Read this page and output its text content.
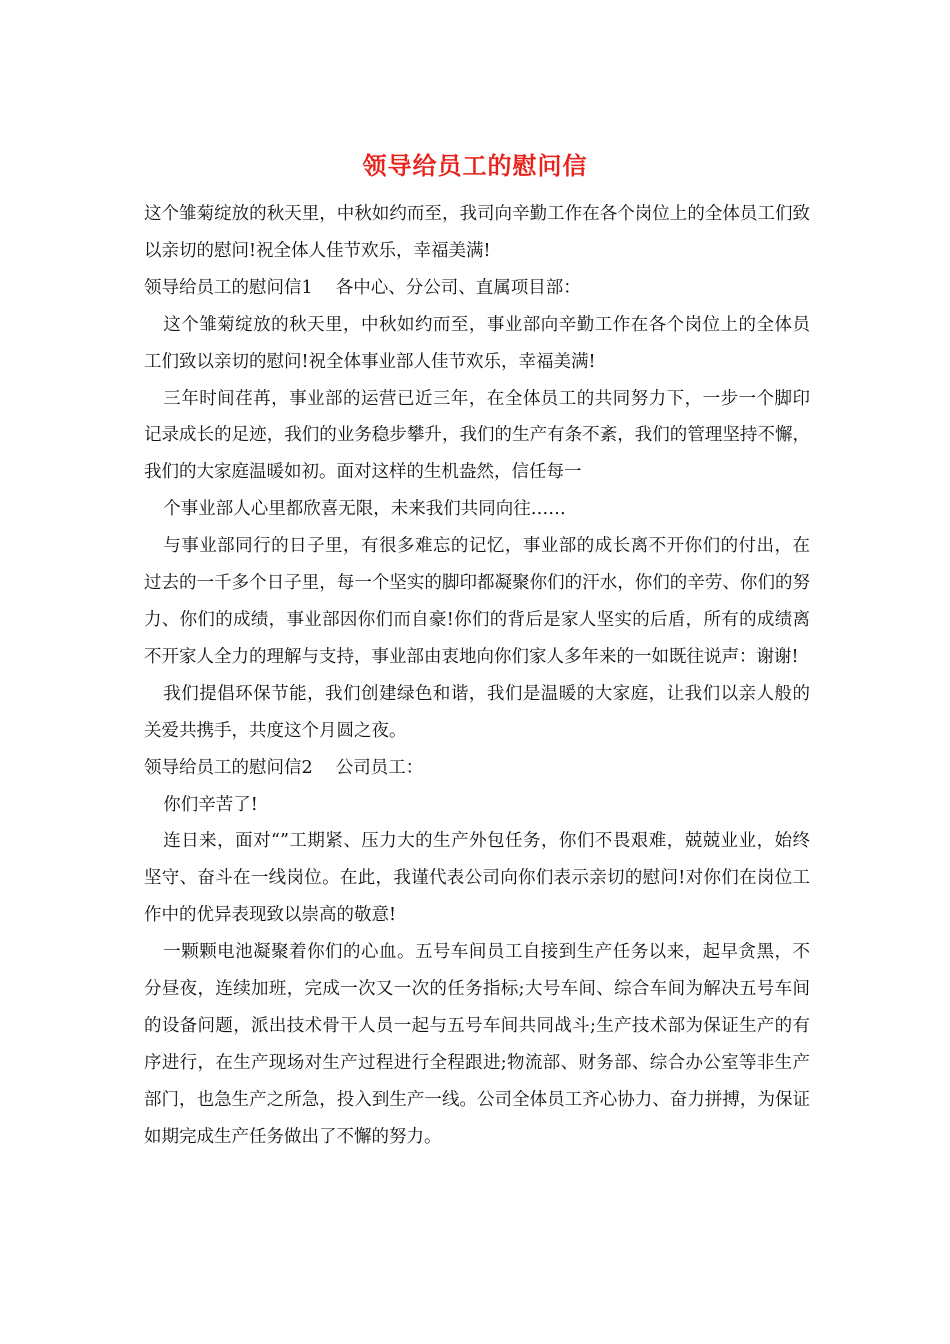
领导给员工的慰问信

这个雏菊绽放的秋天里，中秋如约而至，我司向辛勤工作在各个岗位上的全体员工们致以亲切的慰问!祝全体人佳节欢乐，幸福美满!

领导给员工的慰问信1　 各中心、分公司、直属项目部：

这个雏菊绽放的秋天里，中秋如约而至，事业部向辛勤工作在各个岗位上的全体员工们致以亲切的慰问!祝全体事业部人佳节欢乐，幸福美满!

三年时间荏苒，事业部的运营已近三年，在全体员工的共同努力下，一步一个脚印记录成长的足迹，我们的业务稳步攀升，我们的生产有条不紊，我们的管理坚持不懈，我们的大家庭温暖如初。面对这样的生机盎然，信任每一

个事业部人心里都欣喜无限，未来我们共同向往……

与事业部同行的日子里，有很多难忘的记忆，事业部的成长离不开你们的付出，在过去的一千多个日子里，每一个坚实的脚印都凝聚你们的汗水，你们的辛劳、你们的努力、你们的成绩，事业部因你们而自豪!你们的背后是家人坚实的后盾，所有的成绩离不开家人全力的理解与支持，事业部由衷地向你们家人多年来的一如既往说声：谢谢!

我们提倡环保节能，我们创建绿色和谐，我们是温暖的大家庭，让我们以亲人般的关爱共携手，共度这个月圆之夜。

领导给员工的慰问信2　 公司员工：

你们辛苦了!

连日来，面对“”工期紧、压力大的生产外包任务，你们不畏艰难，兢兢业业，始终坚守、奋斗在一线岗位。在此，我谨代表公司向你们表示亲切的慰问!对你们在岗位工作中的优异表现致以崇高的敬意!

一颗颗电池凝聚着你们的心血。五号车间员工自接到生产任务以来，起早贪黑，不分昼夜，连续加班，完成一次又一次的任务指标;大号车间、综合车间为解决五号车间的设备问题，派出技术骨干人员一起与五号车间共同战斗;生产技术部为保证生产的有序进行，在生产现场对生产过程进行全程跟进;物流部、财务部、综合办公室等非生产部门，也急生产之所急，投入到生产一线。公司全体员工齐心协力、奋力拼搏，为保证如期完成生产任务做出了不懈的努力。
